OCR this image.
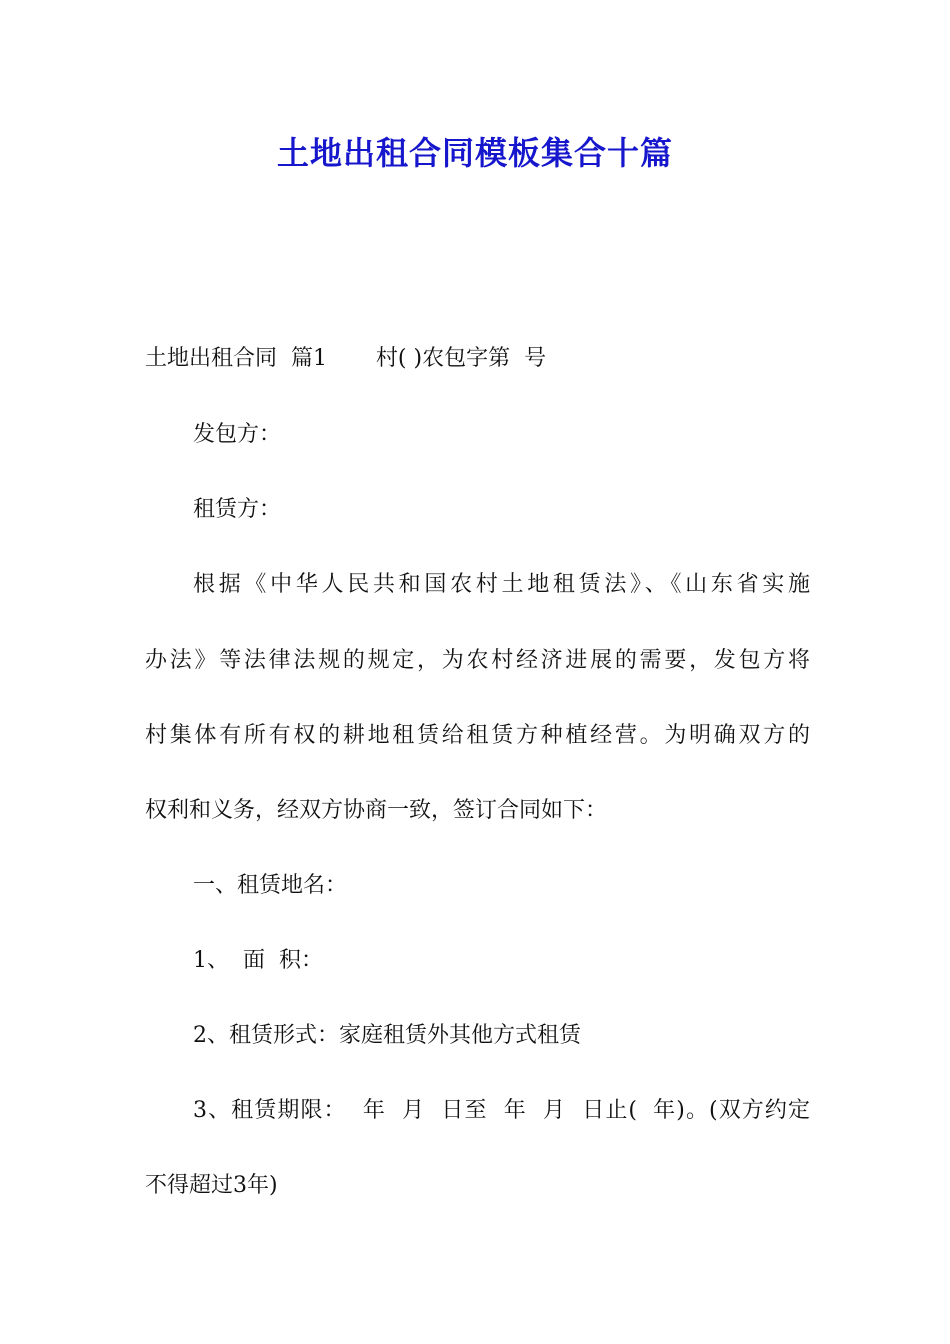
土地出租合同模板集合十篇
土地出租合同  篇1       村( )农包字第  号
发包方：
租赁方：
根据《中华人民共和国农村土地租赁法》、《山东省实施
办法》等法律法规的规定，为农村经济进展的需要，发包方将
村集体有所有权的耕地租赁给租赁方种植经营。为明确双方的
权利和义务，经双方协商一致，签订合同如下：
一、租赁地名：
1、  面  积：
2、租赁形式：家庭租赁外其他方式租赁
3、租赁期限：  年  月  日至  年  月  日止(  年)。(双方约定
不得超过3年)
